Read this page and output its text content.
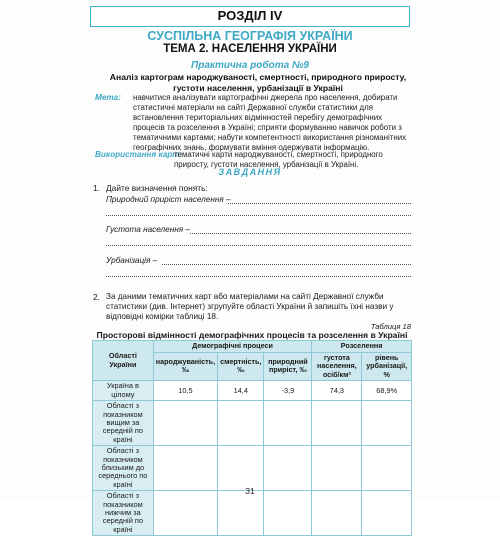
РОЗДІЛ IV
СУСПІЛЬНА ГЕОГРАФІЯ УКРАЇНИ
ТЕМА 2. НАСЕЛЕННЯ УКРАЇНИ
Практична робота №9
Аналіз картограм народжуваності, смертності, природного приросту, густоти населення, урбанізації в Україні
Мета: навчитися аналізувати картографічні джерела про населення, добирати статистичні матеріали на сайті Державної служби статистики для встановлення територіальних відмінностей перебігу демографічних процесів та розселення в Україні; сприяти формуванню навичок роботи з тематичними картами; набути компетентності використання різноманітних географічних знань, формувати вміння одержувати інформацію.
Використання карт:
тематичні карти народжуваності, смертності, природного приросту, густоти населення, урбанізації в Україні.
ЗАВДАННЯ
1. Дайте визначення понять:
Природний приріст населення –
Густота населення –
Урбанізація –
2. За даними тематичних карт або матеріалами на сайті Державної служби статистики (див. Інтернет) згрупуйте області України й запишіть їхні назви у відповідні комірки таблиці 18.
Таблиця 18
Просторові відмінності демографічних процесів та розселення в Україні
Області України	Демографічні процеси			Розселення	
	народжуваність, ‰	смертність, ‰	природний приріст, ‰	густота населення, осіб/км²	рівень урбанізації, %
Україна в цілому	10,5	14,4	-3,9	74,3	68,9%
Області з показником вищим за середній по країні					
Області з показником близьким до середнього по країні					
Області з показником нижчим за середній по країні					
31
